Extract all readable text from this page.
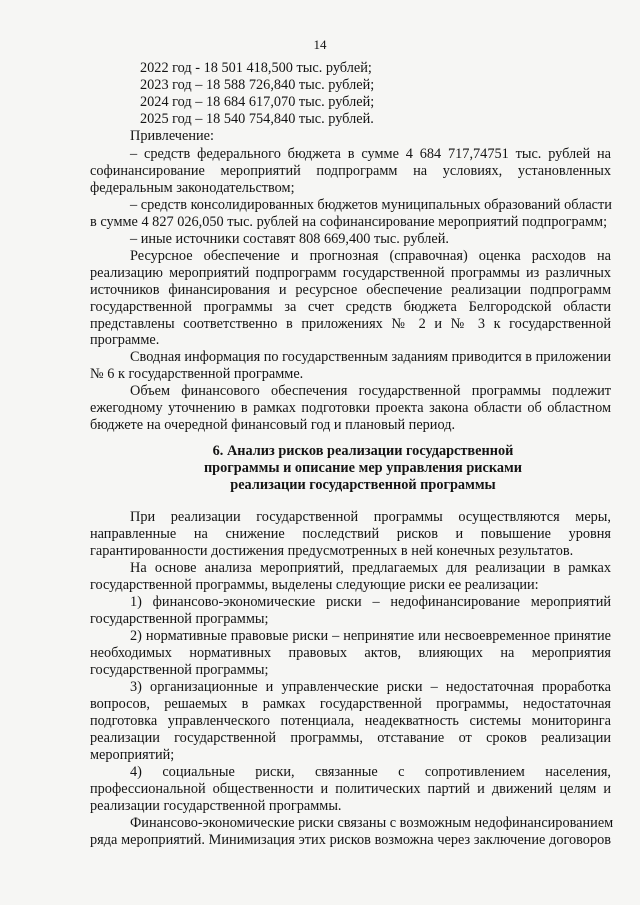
14
2022 год - 18 501 418,500 тыс. рублей;
2023 год – 18 588 726,840 тыс. рублей;
2024 год – 18 684 617,070 тыс. рублей;
2025 год – 18 540 754,840 тыс. рублей.
Привлечение:
– средств федерального бюджета в сумме 4 684 717,74751 тыс. рублей на
софинансирование мероприятий подпрограмм на условиях, установленных
федеральным законодательством;
– средств консолидированных бюджетов муниципальных образований области
в сумме 4 827 026,050 тыс. рублей на софинансирование мероприятий подпрограмм;
– иные источники составят 808 669,400 тыс. рублей.
Ресурсное обеспечение и прогнозная (справочная) оценка расходов на
реализацию мероприятий подпрограмм государственной программы из различных
источников финансирования и ресурсное обеспечение реализации подпрограмм
государственной программы за счет средств бюджета Белгородской области
представлены соответственно в приложениях № 2 и № 3 к государственной
программе.
Сводная информация по государственным заданиям приводится в приложении
№ 6 к государственной программе.
Объем финансового обеспечения государственной программы подлежит
ежегодному уточнению в рамках подготовки проекта закона области об областном
бюджете на очередной финансовый год и плановый период.
6. Анализ рисков реализации государственной
программы и описание мер управления рисками
реализации государственной программы
При реализации государственной программы осуществляются меры,
направленные на снижение последствий рисков и повышение уровня
гарантированности достижения предусмотренных в ней конечных результатов.
На основе анализа мероприятий, предлагаемых для реализации в рамках
государственной программы, выделены следующие риски ее реализации:
1) финансово-экономические риски – недофинансирование мероприятий
государственной программы;
2) нормативные правовые риски – непринятие или несвоевременное принятие
необходимых нормативных правовых актов, влияющих на мероприятия
государственной программы;
3) организационные и управленческие риски – недостаточная проработка
вопросов, решаемых в рамках государственной программы, недостаточная
подготовка управленческого потенциала, неадекватность системы мониторинга
реализации государственной программы, отставание от сроков реализации
мероприятий;
4) социальные риски, связанные с сопротивлением населения,
профессиональной общественности и политических партий и движений целям и
реализации государственной программы.
Финансово-экономические риски связаны с возможным недофинансированием
ряда мероприятий. Минимизация этих рисков возможна через заключение договоров
